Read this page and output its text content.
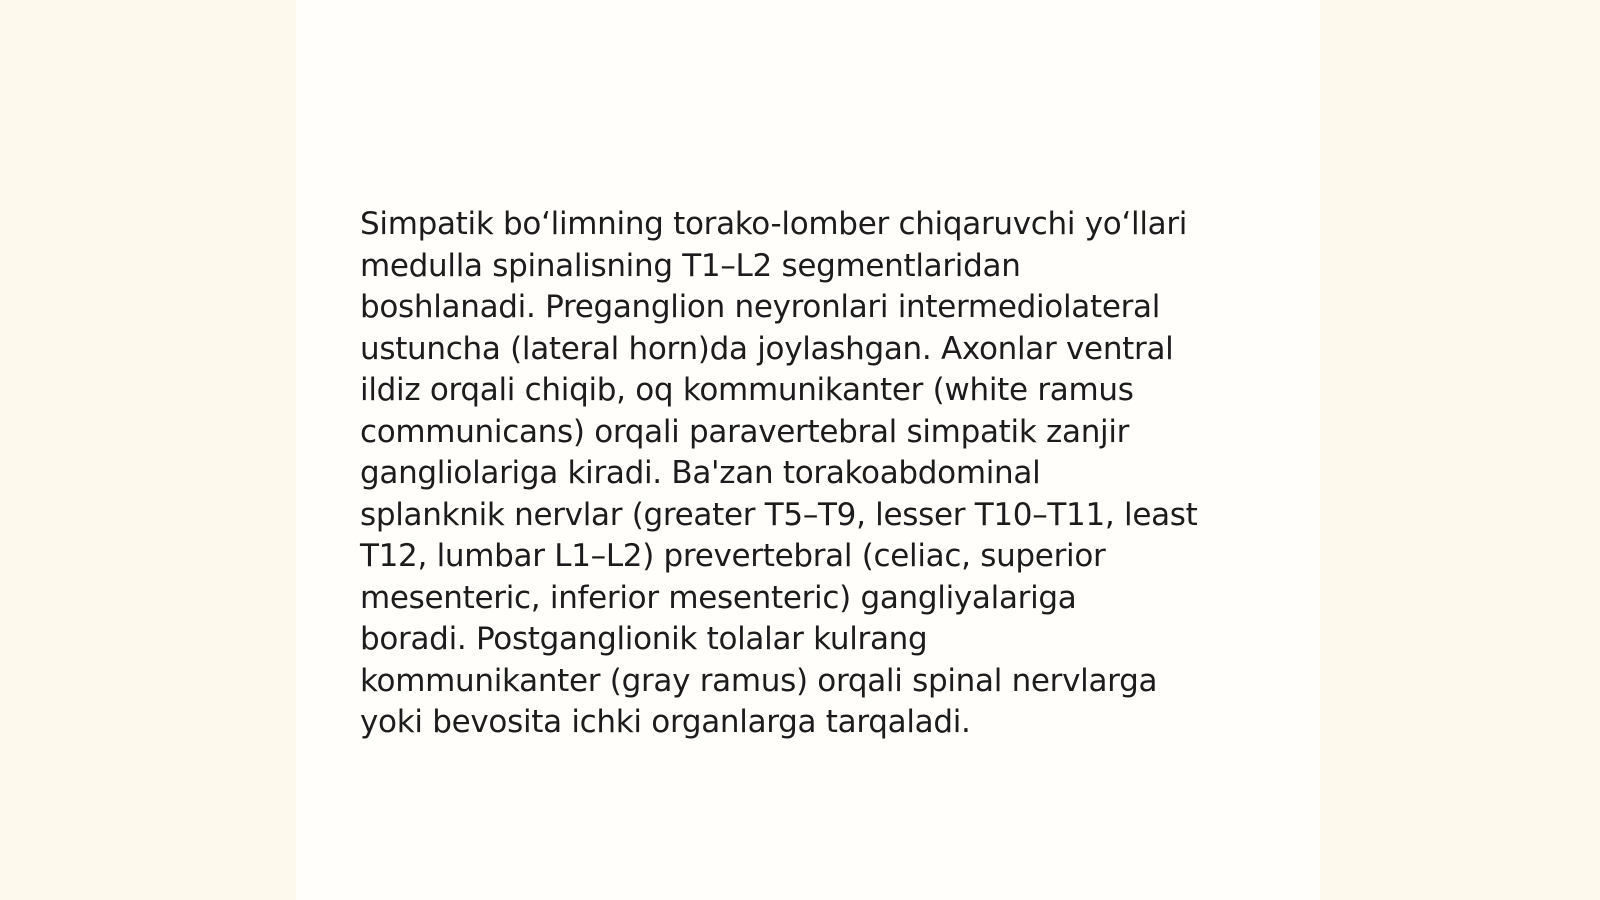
Simpatik bo‘limning torako-lomber chiqaruvchi yo‘llari
medulla spinalisning T1–L2 segmentlaridan
boshlanadi. Preganglion neyronlari intermediolateral
ustuncha (lateral horn)da joylashgan. Axonlar ventral
ildiz orqali chiqib, oq kommunikanter (white ramus
communicans) orqali paravertebral simpatik zanjir
gangliolariga kiradi. Ba'zan torakoabdominal
splanknik nervlar (greater T5–T9, lesser T10–T11, least
T12, lumbar L1–L2) prevertebral (celiac, superior
mesenteric, inferior mesenteric) gangliyalariga
boradi. Postganglionik tolalar kulrang
kommunikanter (gray ramus) orqali spinal nervlarga
yoki bevosita ichki organlarga tarqaladi.
